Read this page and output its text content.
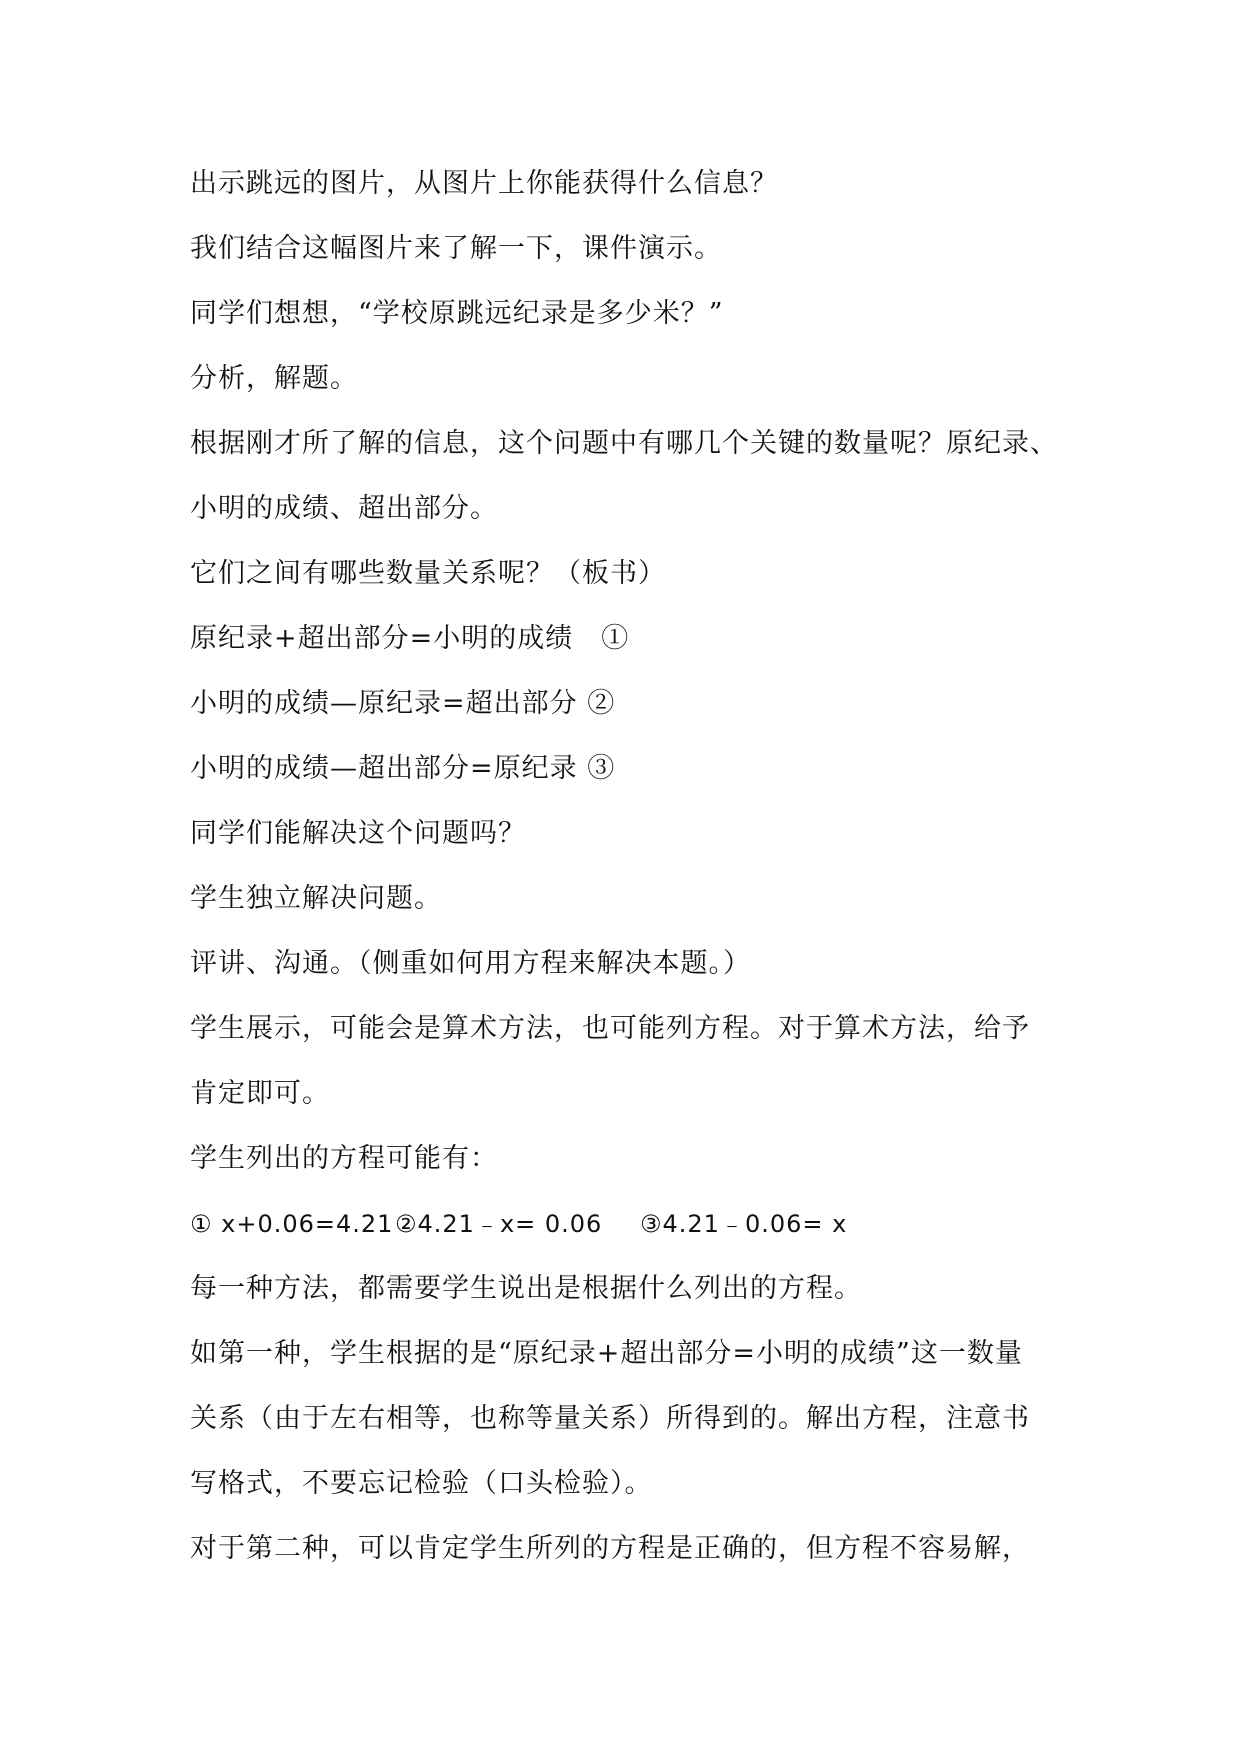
出示跳远的图片，从图片上你能获得什么信息？
我们结合这幅图片来了解一下，课件演示。
同学们想想，“学校原跳远纪录是多少米？”
分析，解题。
根据刚才所了解的信息，这个问题中有哪几个关键的数量呢？原纪录、
小明的成绩、超出部分。
它们之间有哪些数量关系呢？（板书）
原纪录+超出部分=小明的成绩　①
小明的成绩—原纪录=超出部分 ②
小明的成绩—超出部分=原纪录 ③
同学们能解决这个问题吗？
学生独立解决问题。
评讲、沟通。（侧重如何用方程来解决本题。）
学生展示，可能会是算术方法，也可能列方程。对于算术方法，给予
肯定即可。
学生列出的方程可能有：
① x+0.06=4.21②4.21﹣x= 0.06 ③4.21﹣0.06= x
每一种方法，都需要学生说出是根据什么列出的方程。
如第一种，学生根据的是“原纪录+超出部分=小明的成绩”这一数量
关系（由于左右相等，也称等量关系）所得到的。解出方程，注意书
写格式，不要忘记检验（口头检验）。
对于第二种，可以肯定学生所列的方程是正确的，但方程不容易解，
